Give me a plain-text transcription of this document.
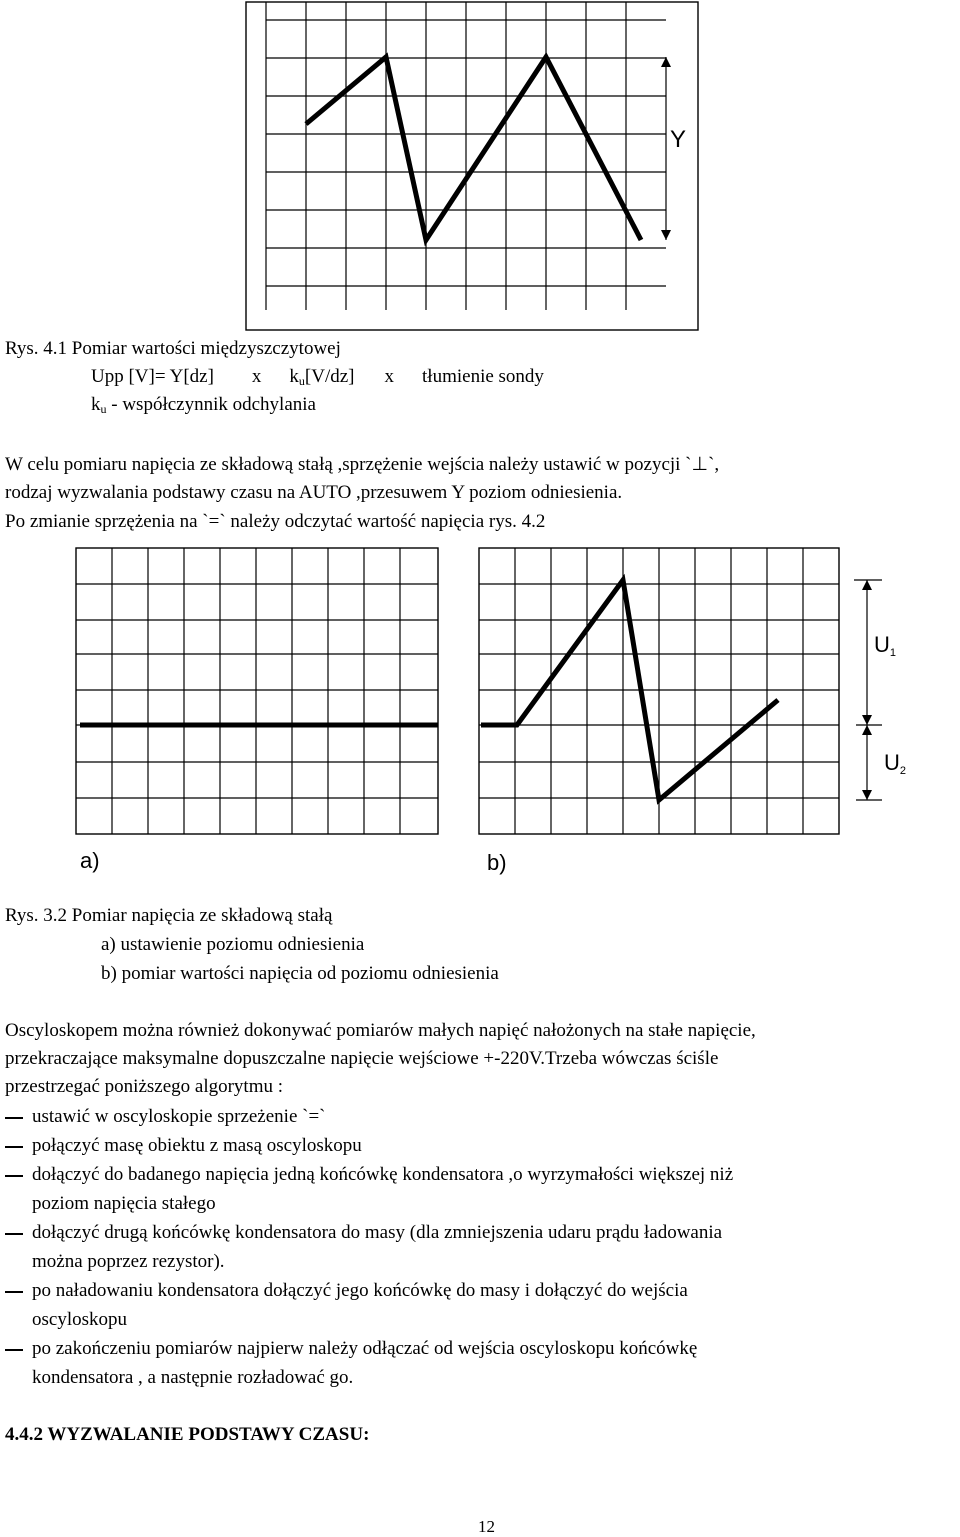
Y
Rys. 4.1 Pomiar wartości międzyszczytowej
Upp [V]= Y[dz] x $k_u[V/dz]$ x tłumienie sondy
$k_u$ - współczynnik odchylania
W celu pomiaru napięcia ze składową stałą ,sprzężenie wejścia należy ustawić w pozycji `⊥`,
rodzaj wyzwalania podstawy czasu na AUTO ,przesuwem Y poziom odniesienia.
Po zmianie sprzężenia na `=` należy odczytać wartość napięcia rys. 4.2
$U_1$
$U_2$
a)	b)
Rys. 3.2 Pomiar napięcia ze składową stałą
a) ustawienie poziomu odniesienia
b) pomiar wartości napięcia od poziomu odniesienia
Oscyloskopem można również dokonywać pomiarów małych napięć nałożonych na stałe napięcie,
przekraczające maksymalne dopuszczalne napięcie wejściowe +-220V.Trzeba wówczas ściśle
przestrzegać poniższego algorytmu :
ustawić w oscyloskopie sprzeżenie `=`
połączyć masę obiektu z masą oscyloskopu
dołączyć do badanego napięcia jedną końcówkę kondensatora ,o wyrzymałości większej niż
poziom napięcia stałego
dołączyć drugą końcówkę kondensatora do masy (dla zmniejszenia udaru prądu ładowania
można poprzez rezystor).
po naładowaniu kondensatora dołączyć jego końcówkę do masy i dołączyć do wejścia
oscyloskopu
po zakończeniu pomiarów najpierw należy odłączać od wejścia oscyloskopu końcówkę
kondensatora , a następnie rozładować go.
4.4.2 WYZWALANIE PODSTAWY CZASU:
12
